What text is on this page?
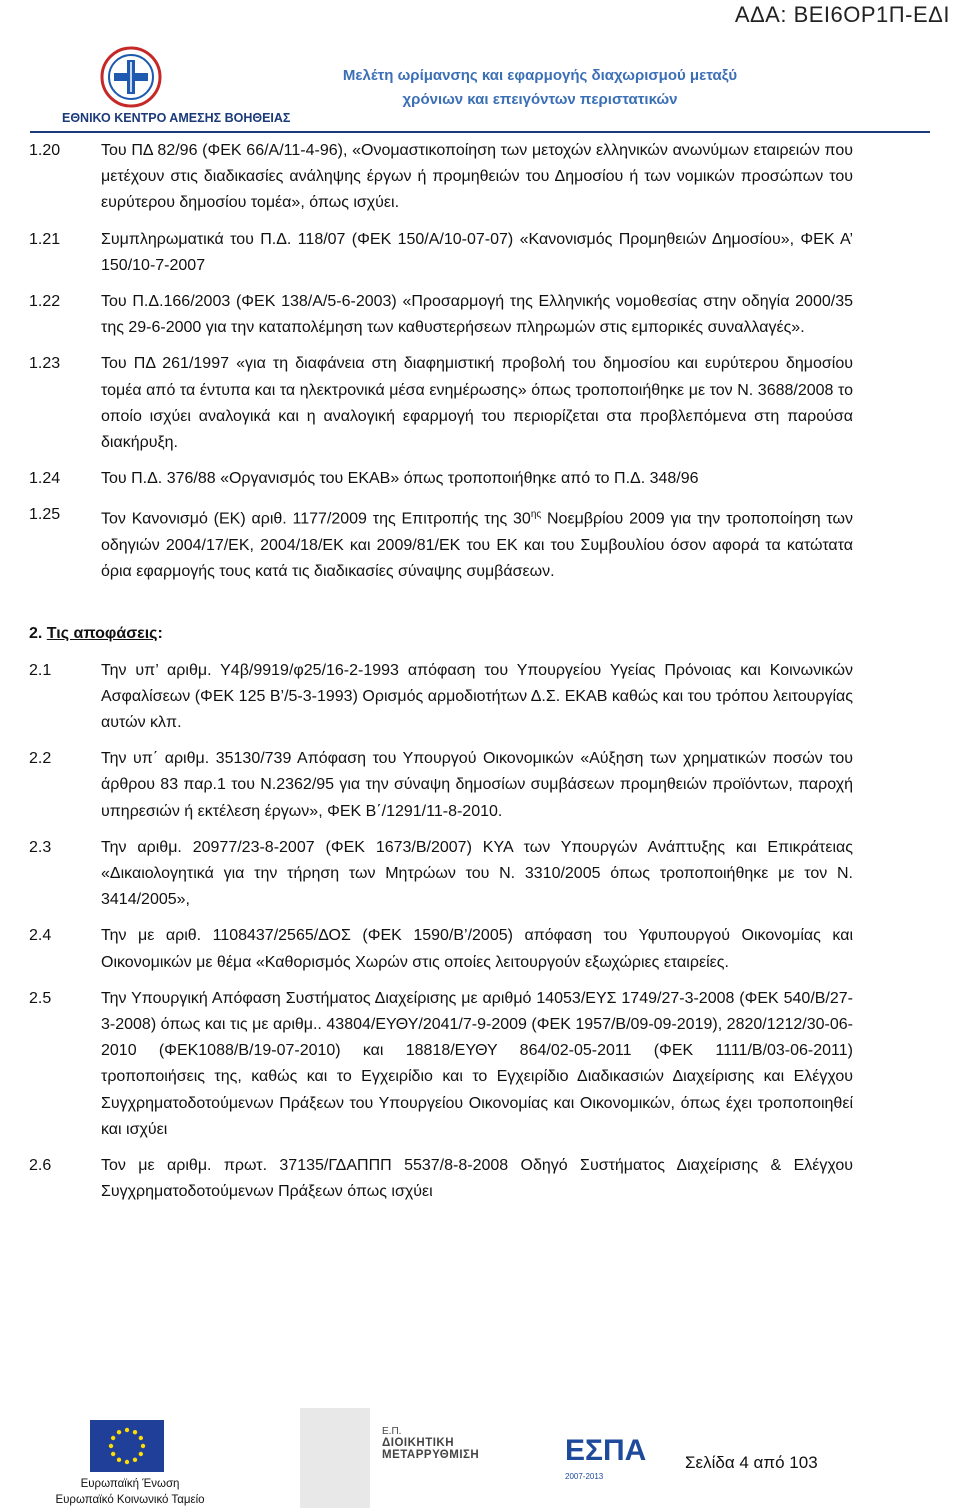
ΑΔΑ: ΒΕΙ6ΟΡ1Π-ΕΔΙ
ΕΘΝΙΚΟ ΚΕΝΤΡΟ ΑΜΕΣΗΣ ΒΟΗΘΕΙΑΣ
Μελέτη ωρίμανσης και εφαρμογής διαχωρισμού μεταξύ
χρόνιων και επειγόντων περιστατικών
1.20	Του ΠΔ 82/96 (ΦΕΚ 66/Α/11-4-96), «Ονομαστικοποίηση των μετοχών ελληνικών ανωνύμων εταιρειών που μετέχουν στις διαδικασίες ανάληψης έργων ή προμηθειών του Δημοσίου ή των νομικών προσώπων του ευρύτερου δημοσίου τομέα», όπως ισχύει.
1.21	Συμπληρωματικά του Π.Δ. 118/07 (ΦΕΚ 150/Α/10-07-07) «Κανονισμός Προμηθειών Δημοσίου», ΦΕΚ Α’ 150/10-7-2007
1.22	Του Π.Δ.166/2003 (ΦΕΚ 138/Α/5-6-2003) «Προσαρμογή της Ελληνικής νομοθεσίας στην οδηγία 2000/35 της 29-6-2000 για την καταπολέμηση των καθυστερήσεων πληρωμών στις εμπορικές συναλλαγές».
1.23	Του ΠΔ 261/1997 «για τη διαφάνεια στη διαφημιστική προβολή του δημοσίου και ευρύτερου δημοσίου τομέα από τα έντυπα και τα ηλεκτρονικά μέσα ενημέρωσης» όπως τροποποιήθηκε με τον Ν. 3688/2008 το οποίο ισχύει αναλογικά και η αναλογική εφαρμογή του περιορίζεται στα προβλεπόμενα στη παρούσα διακήρυξη.
1.24	Του Π.Δ. 376/88 «Οργανισμός του ΕΚΑΒ» όπως τροποποιήθηκε από το Π.Δ. 348/96
1.25	Τον Κανονισμό (ΕΚ) αριθ. 1177/2009 της Επιτροπής της $30^{\eta\varsigma}$ Νοεμβρίου 2009 για την τροποποίηση των οδηγιών 2004/17/ΕΚ, 2004/18/ΕΚ και 2009/81/ΕΚ του ΕΚ και του Συμβουλίου όσον αφορά τα κατώτατα όρια εφαρμογής τους κατά τις διαδικασίες σύναψης συμβάσεων.
2. Τις αποφάσεις:
2.1	Την υπ’ αριθμ. Υ4β/9919/φ25/16-2-1993 απόφαση του Υπουργείου Υγείας Πρόνοιας και Κοινωνικών Ασφαλίσεων (ΦΕΚ 125 Β’/5-3-1993) Ορισμός αρμοδιοτήτων Δ.Σ. ΕΚΑΒ καθώς και του τρόπου λειτουργίας αυτών κλπ.
2.2	Την υπ΄ αριθμ. 35130/739 Απόφαση του Υπουργού Οικονομικών «Αύξηση των χρηματικών ποσών του άρθρου 83 παρ.1 του Ν.2362/95 για την σύναψη δημοσίων συμβάσεων προμηθειών προϊόντων, παροχή υπηρεσιών ή εκτέλεση έργων», ΦΕΚ Β΄/1291/11-8-2010.
2.3	Την αριθμ. 20977/23-8-2007 (ΦΕΚ 1673/Β/2007) ΚΥΑ των Υπουργών Ανάπτυξης και Επικράτειας «Δικαιολογητικά για την τήρηση των Μητρώων του Ν. 3310/2005 όπως τροποποιήθηκε με τον Ν. 3414/2005»,
2.4	Την με αριθ. 1108437/2565/ΔΟΣ (ΦΕΚ 1590/Β’/2005) απόφαση του Υφυπουργού Οικονομίας και Οικονομικών με θέμα «Καθορισμός Χωρών στις οποίες λειτουργούν εξωχώριες εταιρείες.
2.5	Την Υπουργική Απόφαση Συστήματος Διαχείρισης με αριθμό 14053/ΕΥΣ 1749/27-3-2008 (ΦΕΚ 540/Β/27-3-2008) όπως και τις με αριθμ.. 43804/ΕΥΘΥ/2041/7-9-2009 (ΦΕΚ 1957/Β/09-09-2019), 2820/1212/30-06-2010 (ΦΕΚ1088/Β/19-07-2010) και 18818/ΕΥΘΥ 864/02-05-2011 (ΦΕΚ 1111/Β/03-06-2011) τροποποιήσεις της, καθώς και το Εγχειρίδιο και το Εγχειρίδιο Διαδικασιών Διαχείρισης και Ελέγχου Συγχρηματοδοτούμενων Πράξεων του Υπουργείου Οικονομίας και Οικονομικών, όπως έχει τροποποιηθεί και ισχύει
2.6	Τον με αριθμ. πρωτ. 37135/ΓΔΑΠΠΠ 5537/8-8-2008 Οδηγό Συστήματος Διαχείρισης & Ελέγχου Συγχρηματοδοτούμενων Πράξεων όπως ισχύει
Ευρωπαϊκή Ένωση
Ευρωπαϊκό Κοινωνικό Ταμείο
Ε.Π.
ΔΙΟΙΚΗΤΙΚΗ
ΜΕΤΑΡΡΥΘΜΙΣΗ	ΕΣΠΑ
2007-2013
Σελίδα 4 από 103
